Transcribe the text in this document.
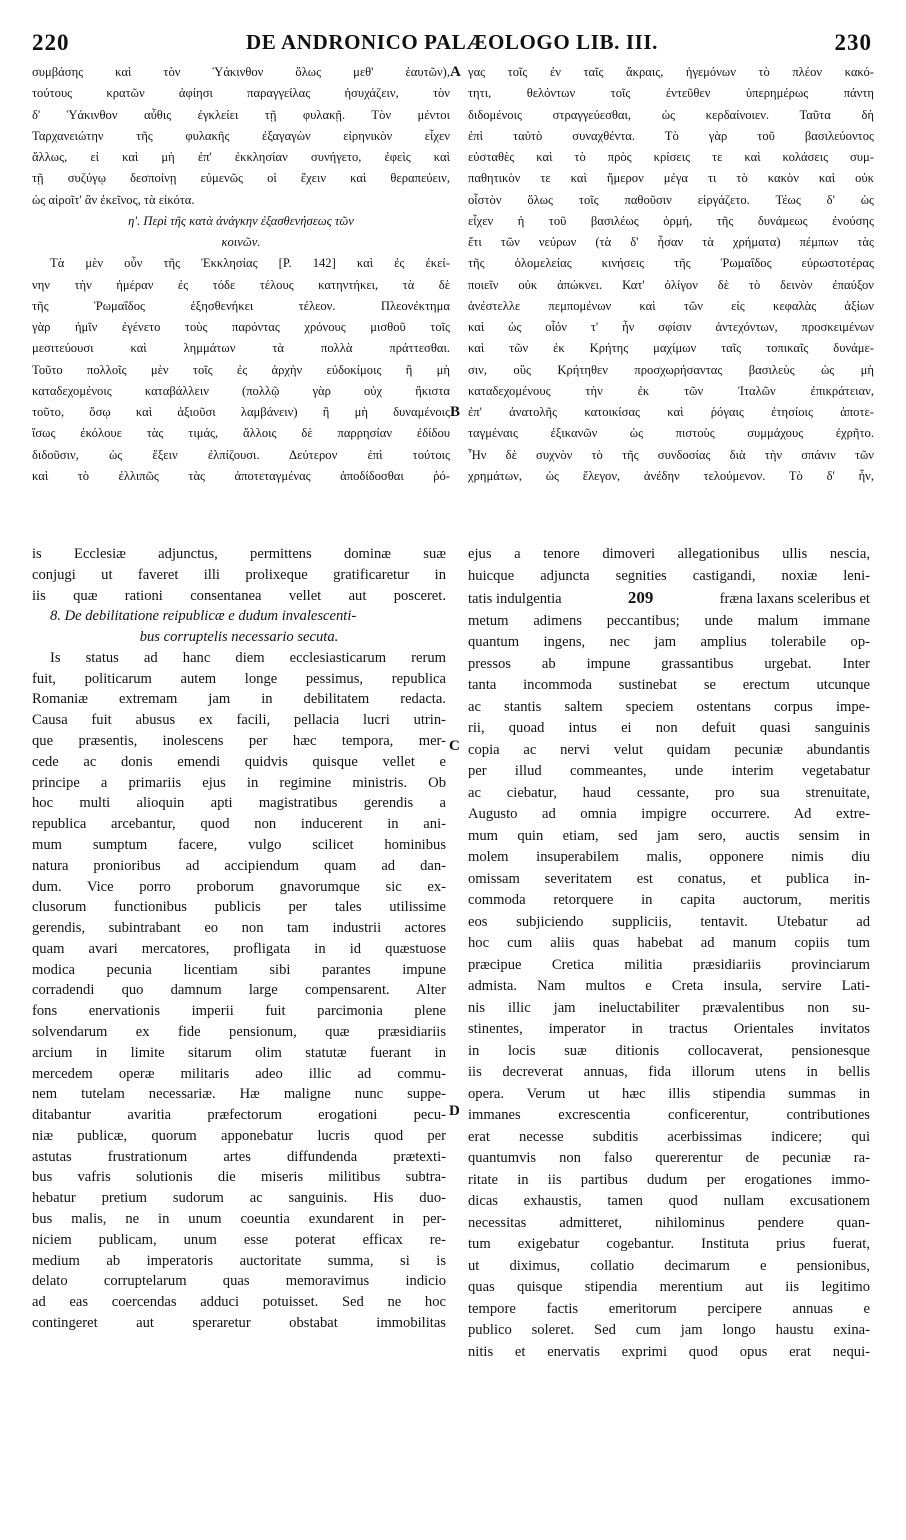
220	DE ANDRONICO PALÆOLOGO LIB. III.	230
συμβάσης καὶ τὸν Ὑάκινθον ὅλως μεθ' ἑαυτῶν),
τούτους κρατῶν ἀφίησι παραγγείλας ἡσυχάζειν, τὸν
δ' Ὑάκινθον αὖθις ἐγκλείει τῇ φυλακῇ. Τὸν μέντοι
Ταρχανειώτην τῆς φυλακῆς ἐξαγαγὼν εἰρηνικὸν εἶχεν
ἄλλως, εἰ καὶ μὴ ἐπ' ἐκκλησίαν συνήγετο, ἐφεὶς καὶ
τῇ συζύγῳ δεσποίνῃ εὐμενῶς οἱ ἔχειν καὶ θεραπεύειν,
ὡς αἱροῖτ' ἂν ἐκεῖνος, τὰ εἰκότα.
η'. Περὶ τῆς κατὰ ἀνάγκην ἐξασθενήσεως τῶν
κοινῶν.
Τὰ μὲν οὖν τῆς Ἐκκλησίας [P. 142] καὶ ἐς ἐκεί-
νην τὴν ἡμέραν ἐς τόδε τέλους κατηντήκει, τὰ δὲ
τῆς Ῥωμαΐδος ἐξησθενήκει τέλεον. Πλεονέκτημα
γὰρ ἡμῖν ἐγένετο τοὺς παρόντας χρόνους μισθοῦ τοῖς
μεσιτεύουσι καὶ λημμάτων τὰ πολλὰ πράττεσθαι.
Τοῦτο πολλοῖς μὲν τοῖς ἐς ἀρχὴν εὐδοκίμοις ἢ μὴ
καταδεχομένοις καταβάλλειν (πολλῷ γὰρ οὐχ ἥκιστα
τοῦτο, ὅσῳ καὶ ἀξιοῦσι λαμβάνειν) ἢ μὴ δυναμένοις
ἴσως ἐκόλουε τὰς τιμάς, ἄλλοις δὲ παρρησίαν ἐδίδου
διδοῦσιν, ὡς ἕξειν ἐλπίζουσι. Δεύτερον ἐπὶ τούτοις
καὶ τὸ ἐλλιπῶς τὰς ἀποτεταγμένας ἀποδίδοσθαι ῥό-
γας τοῖς ἐν ταῖς ἄκραις, ἡγεμόνων τὸ πλέον κακό-
τητι, θελόντων τοῖς ἐντεῦθεν ὑπερημέρως πάντη
διδομένοις στραγγεύεσθαι, ὡς κερδαίνοιεν. Ταῦτα δὴ
ἐπὶ ταὐτὸ συναχθέντα. Τὸ γὰρ τοῦ βασιλεύοντος
εὐσταθὲς καὶ τὸ πρὸς κρίσεις τε καὶ κολάσεις συμ-
παθητικὸν τε καὶ ἥμερον μέγα τι τὸ κακὸν καὶ οὐκ
οἷστὸν ὅλως τοῖς παθοῦσιν εἰργάζετο. Τέως δ' ὡς
εἶχεν ἡ τοῦ βασιλέως ὁρμή, τῆς δυνάμεως ἐνούσης
ἔτι τῶν νεύρων (τὰ δ' ἦσαν τὰ χρήματα) πέμπων τὰς
τῆς ὁλομελείας κινήσεις τῆς Ῥωμαΐδος εὐρωστοτέρας
ποιεῖν οὐκ ἀπώκνει. Κατ' ὀλίγον δὲ τὸ δεινὸν ἐπαύξον
ἀνέστελλε πεμπομένων καὶ τῶν εἰς κεφαλὰς ἀξίων
καὶ ὡς οἷόν τ' ἦν σφίσιν ἀντεχόντων, προσκειμένων
καὶ τῶν ἐκ Κρήτης μαχίμων ταῖς τοπικαῖς δυνάμε-
σιν, οὓς Κρήτηθεν προσχωρήσαντας βασιλεὺς ὡς μὴ
καταδεχομένους τὴν ἐκ τῶν Ἰταλῶν ἐπικράτειαν,
ἐπ' ἀνατολῆς κατοικίσας καὶ ῥόγαις ἐτησίοις ἀποτε-
ταγμέναις ἐξικανῶν ὡς πιστοὺς συμμάχους ἐχρῆτο.
Ἦν δὲ συχνὸν τὸ τῆς συνδοσίας διὰ τὴν σπάνιν τῶν
χρημάτων, ὡς ἔλεγον, ἀνέδην τελούμενον. Τὸ δ' ἦν,
is Ecclesiæ adjunctus, permittens dominæ suæ
conjugi ut faveret illi prolixeque gratificaretur in
iis quæ rationi consentanea vellet aut posceret.
8. De debilitatione reipublicæ e dudum invalescenti-
bus corruptelis necessario secuta.
Is status ad hanc diem ecclesiasticarum rerum
fuit, politicarum autem longe pessimus, republica
Romaniæ extremam jam in debilitatem redacta.
Causa fuit abusus ex facili, pellacia lucri utrin-
que præsentis, inolescens per hæc tempora, mer-
cede ac donis emendi quidvis quisque vellet e
principe a primariis ejus in regimine ministris. Ob
hoc multi alioquin apti magistratibus gerendis a
republica arcebantur, quod non inducerent in ani-
mum sumptum facere, vulgo scilicet hominibus
natura pronioribus ad accipiendum quam ad dan-
dum. Vice porro proborum gnavorumque sic ex-
clusorum functionibus publicis per tales utilissime
gerendis, subintrabant eo non tam industrii actores
quam avari mercatores, profligata in id quæstuose
modica pecunia licentiam sibi parantes impune
corradendi quo damnum large compensarent. Alter
fons enervationis imperii fuit parcimonia plene
solvendarum ex fide pensionum, quæ præsidiariis
arcium in limite sitarum olim statutæ fuerant in
mercedem operæ militaris adeo illic ad commu-
nem tutelam necessariæ. Hæ maligne nunc suppe-
ditabantur avaritia præfectorum erogationi pecu-
niæ publicæ, quorum apponebatur lucris quod per
astutas frustrationum artes diffundenda prætexti-
bus vafris solutionis die miseris militibus subtra-
hebatur pretium sudorum ac sanguinis. His duo-
bus malis, ne in unum coeuntia exundarent in per-
niciem publicam, unum esse poterat efficax re-
medium ab imperatoris auctoritate summa, si is
delato corruptelarum quas memoravimus indicio
ad eas coercendas adduci potuisset. Sed ne hoc
contingeret aut speraretur obstabat immobilitas
ejus a tenore dimoveri allegationibus ullis nescia,
huicque adjuncta segnities castigandi, noxiæ leni-
tatis indulgentia	209	fræna laxans sceleribus et
metum adimens peccantibus; unde malum immane
quantum ingens, nec jam amplius tolerabile op-
pressos ab impune grassantibus urgebat. Inter
tanta incommoda sustinebat se erectum utcunque
ac stantis saltem speciem ostentans corpus impe-
rii, quoad intus ei non defuit quasi sanguinis
copia ac nervi velut quidam pecuniæ abundantis
per illud commeantes, unde interim vegetabatur
ac ciebatur, haud cessante, pro sua strenuitate,
Augusto ad omnia impigre occurrere. Ad extre-
mum quin etiam, sed jam sero, auctis sensim in
molem insuperabilem malis, opponere nimis diu
omissam severitatem est conatus, et publica in-
commoda retorquere in capita auctorum, meritis
eos subjiciendo suppliciis, tentavit. Utebatur ad
hoc cum aliis quas habebat ad manum copiis tum
præcipue Cretica militia præsidiariis provinciarum
admista. Nam multos e Creta insula, servire Lati-
nis illic jam ineluctabiliter prævalentibus non su-
stinentes, imperator in tractus Orientales invitatos
in locis suæ ditionis collocaverat, pensionesque
iis decreverat annuas, fida illorum utens in bellis
opera. Verum ut hæc illis stipendia summas in
immanes excrescentia conficerentur, contributiones
erat necesse subditis acerbissimas indicere; qui
quantumvis non falso quererentur de pecuniæ ra-
ritate in iis partibus dudum per erogationes immo-
dicas exhaustis, tamen quod nullam excusationem
necessitas admitteret, nihilominus pendere quan-
tum exigebatur cogebantur. Instituta prius fuerat,
ut diximus, collatio decimarum e pensionibus,
quas quisque stipendia merentium aut iis legitimo
tempore factis emeritorum percipere annuas e
publico soleret. Sed cum jam longo haustu exina-
nitis et enervatis exprimi quod opus erat nequi-
A
B
C
D
